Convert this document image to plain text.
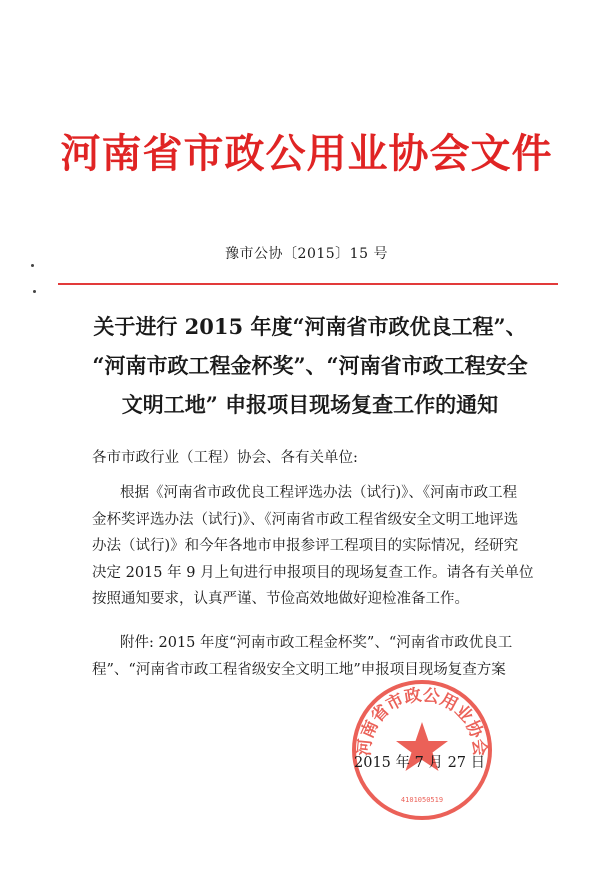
河南省市政公用业协会文件
豫市公协〔2015〕15 号
关于进行 2015 年度“河南省市政优良工程”、
“河南市政工程金杯奖”、“河南省市政工程安全
文明工地” 申报项目现场复查工作的通知
各市市政行业（工程）协会、各有关单位:
根据《河南省市政优良工程评选办法（试行)》、《河南市政工程
金杯奖评选办法（试行)》、《河南省市政工程省级安全文明工地评选
办法（试行)》和今年各地市申报参评工程项目的实际情况，经研究
决定 2015 年 9 月上旬进行申报项目的现场复查工作。请各有关单位
按照通知要求，认真严谨、节俭高效地做好迎检准备工作。
附件: 2015 年度“河南市政工程金杯奖”、“河南省市政优良工
程”、“河南省市政工程省级安全文明工地”申报项目现场复查方案
河南省市政公用业协会
4101050519
2015 年 7 月 27 日
